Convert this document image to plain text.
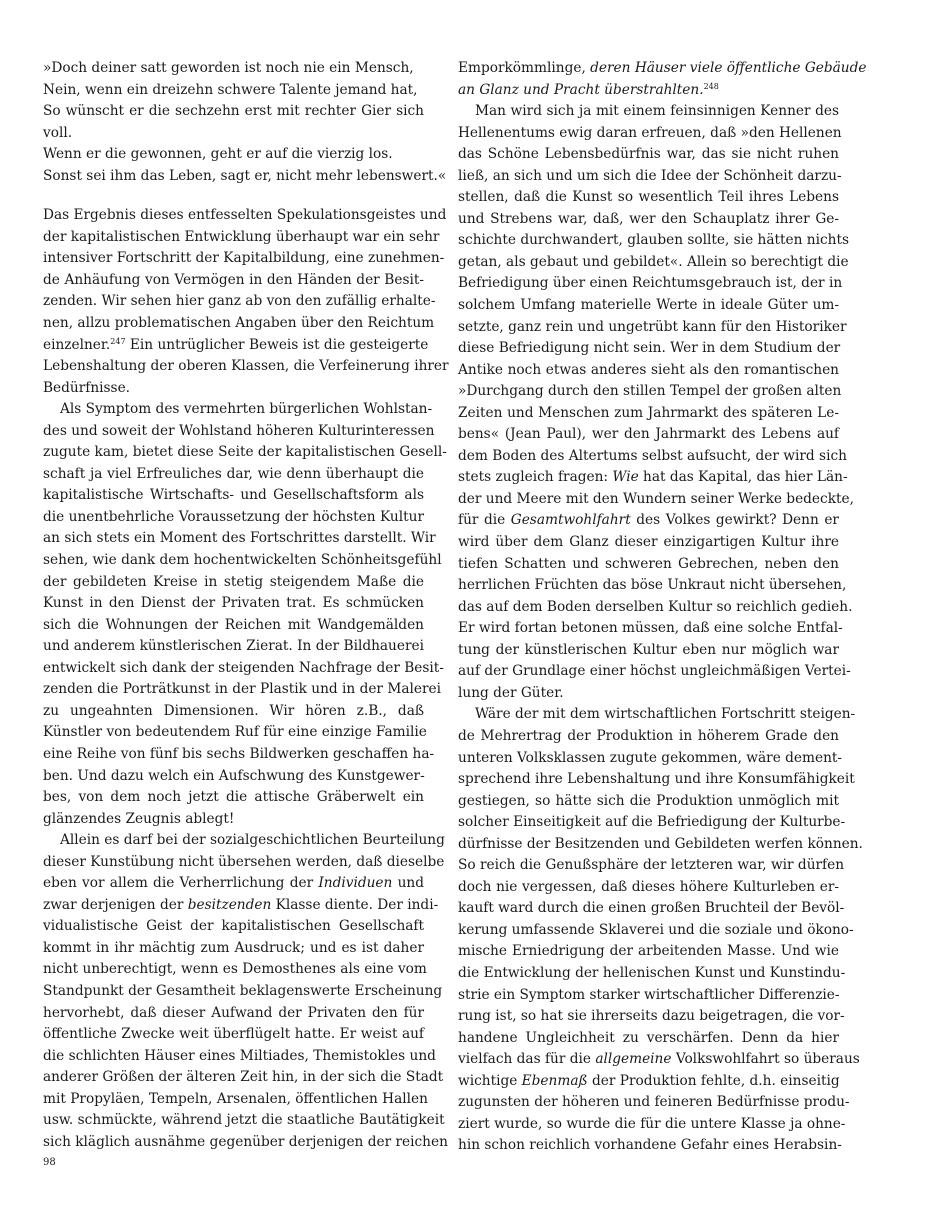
»Doch deiner satt geworden ist noch nie ein Mensch,
Nein, wenn ein dreizehn schwere Talente jemand hat,
So wünscht er die sechzehn erst mit rechter Gier sich
voll.
Wenn er die gewonnen, geht er auf die vierzig los.
Sonst sei ihm das Leben, sagt er, nicht mehr lebenswert.«
Das Ergebnis dieses entfesselten Spekulationsgeistes und
der kapitalistischen Entwicklung überhaupt war ein sehr
intensiver Fortschritt der Kapitalbildung, eine zunehmen-
de Anhäufung von Vermögen in den Händen der Besit-
zenden. Wir sehen hier ganz ab von den zufällig erhalte-
nen, allzu problematischen Angaben über den Reichtum
einzelner.$^{247}$ Ein untrüglicher Beweis ist die gesteigerte
Lebenshaltung der oberen Klassen, die Verfeinerung ihrer
Bedürfnisse.
Als Symptom des vermehrten bürgerlichen Wohlstan-
des und soweit der Wohlstand höheren Kulturinteressen
zugute kam, bietet diese Seite der kapitalistischen Gesell-
schaft ja viel Erfreuliches dar, wie denn überhaupt die
kapitalistische Wirtschafts- und Gesellschaftsform als
die unentbehrliche Voraussetzung der höchsten Kultur
an sich stets ein Moment des Fortschrittes darstellt. Wir
sehen, wie dank dem hochentwickelten Schönheitsgefühl
der gebildeten Kreise in stetig steigendem Maße die
Kunst in den Dienst der Privaten trat. Es schmücken
sich die Wohnungen der Reichen mit Wandgemälden
und anderem künstlerischen Zierat. In der Bildhauerei
entwickelt sich dank der steigenden Nachfrage der Besit-
zenden die Porträtkunst in der Plastik und in der Malerei
zu ungeahnten Dimensionen. Wir hören z.B., daß
Künstler von bedeutendem Ruf für eine einzige Familie
eine Reihe von fünf bis sechs Bildwerken geschaffen ha-
ben. Und dazu welch ein Aufschwung des Kunstgewer-
bes, von dem noch jetzt die attische Gräberwelt ein
glänzendes Zeugnis ablegt!
Allein es darf bei der sozialgeschichtlichen Beurteilung
dieser Kunstübung nicht übersehen werden, daß dieselbe
eben vor allem die Verherrlichung der Individuen und
zwar derjenigen der besitzenden Klasse diente. Der indi-
vidualistische Geist der kapitalistischen Gesellschaft
kommt in ihr mächtig zum Ausdruck; und es ist daher
nicht unberechtigt, wenn es Demosthenes als eine vom
Standpunkt der Gesamtheit beklagenswerte Erscheinung
hervorhebt, daß dieser Aufwand der Privaten den für
öffentliche Zwecke weit überflügelt hatte. Er weist auf
die schlichten Häuser eines Miltiades, Themistokles und
anderer Größen der älteren Zeit hin, in der sich die Stadt
mit Propyläen, Tempeln, Arsenalen, öffentlichen Hallen
usw. schmückte, während jetzt die staatliche Bautätigkeit
sich kläglich ausnähme gegenüber derjenigen der reichen
Emporkömmlinge, deren Häuser viele öffentliche Gebäude
an Glanz und Pracht überstrahlten.$^{248}$
Man wird sich ja mit einem feinsinnigen Kenner des
Hellenentums ewig daran erfreuen, daß »den Hellenen
das Schöne Lebensbedürfnis war, das sie nicht ruhen
ließ, an sich und um sich die Idee der Schönheit darzu-
stellen, daß die Kunst so wesentlich Teil ihres Lebens
und Strebens war, daß, wer den Schauplatz ihrer Ge-
schichte durchwandert, glauben sollte, sie hätten nichts
getan, als gebaut und gebildet«. Allein so berechtigt die
Befriedigung über einen Reichtumsgebrauch ist, der in
solchem Umfang materielle Werte in ideale Güter um-
setzte, ganz rein und ungetrübt kann für den Historiker
diese Befriedigung nicht sein. Wer in dem Studium der
Antike noch etwas anderes sieht als den romantischen
»Durchgang durch den stillen Tempel der großen alten
Zeiten und Menschen zum Jahrmarkt des späteren Le-
bens« (Jean Paul), wer den Jahrmarkt des Lebens auf
dem Boden des Altertums selbst aufsucht, der wird sich
stets zugleich fragen: Wie hat das Kapital, das hier Län-
der und Meere mit den Wundern seiner Werke bedeckte,
für die Gesamtwohlfahrt des Volkes gewirkt? Denn er
wird über dem Glanz dieser einzigartigen Kultur ihre
tiefen Schatten und schweren Gebrechen, neben den
herrlichen Früchten das böse Unkraut nicht übersehen,
das auf dem Boden derselben Kultur so reichlich gedieh.
Er wird fortan betonen müssen, daß eine solche Entfal-
tung der künstlerischen Kultur eben nur möglich war
auf der Grundlage einer höchst ungleichmäßigen Vertei-
lung der Güter.
Wäre der mit dem wirtschaftlichen Fortschritt steigen-
de Mehrertrag der Produktion in höherem Grade den
unteren Volksklassen zugute gekommen, wäre dement-
sprechend ihre Lebenshaltung und ihre Konsumfähigkeit
gestiegen, so hätte sich die Produktion unmöglich mit
solcher Einseitigkeit auf die Befriedigung der Kulturbe-
dürfnisse der Besitzenden und Gebildeten werfen können.
So reich die Genußsphäre der letzteren war, wir dürfen
doch nie vergessen, daß dieses höhere Kulturleben er-
kauft ward durch die einen großen Bruchteil der Bevöl-
kerung umfassende Sklaverei und die soziale und ökono-
mische Erniedrigung der arbeitenden Masse. Und wie
die Entwicklung der hellenischen Kunst und Kunstindu-
strie ein Symptom starker wirtschaftlicher Differenzie-
rung ist, so hat sie ihrerseits dazu beigetragen, die vor-
handene Ungleichheit zu verschärfen. Denn da hier
vielfach das für die allgemeine Volkswohlfahrt so überaus
wichtige Ebenmaß der Produktion fehlte, d.h. einseitig
zugunsten der höheren und feineren Bedürfnisse produ-
ziert wurde, so wurde die für die untere Klasse ja ohne-
hin schon reichlich vorhandene Gefahr eines Herabsin-
98
